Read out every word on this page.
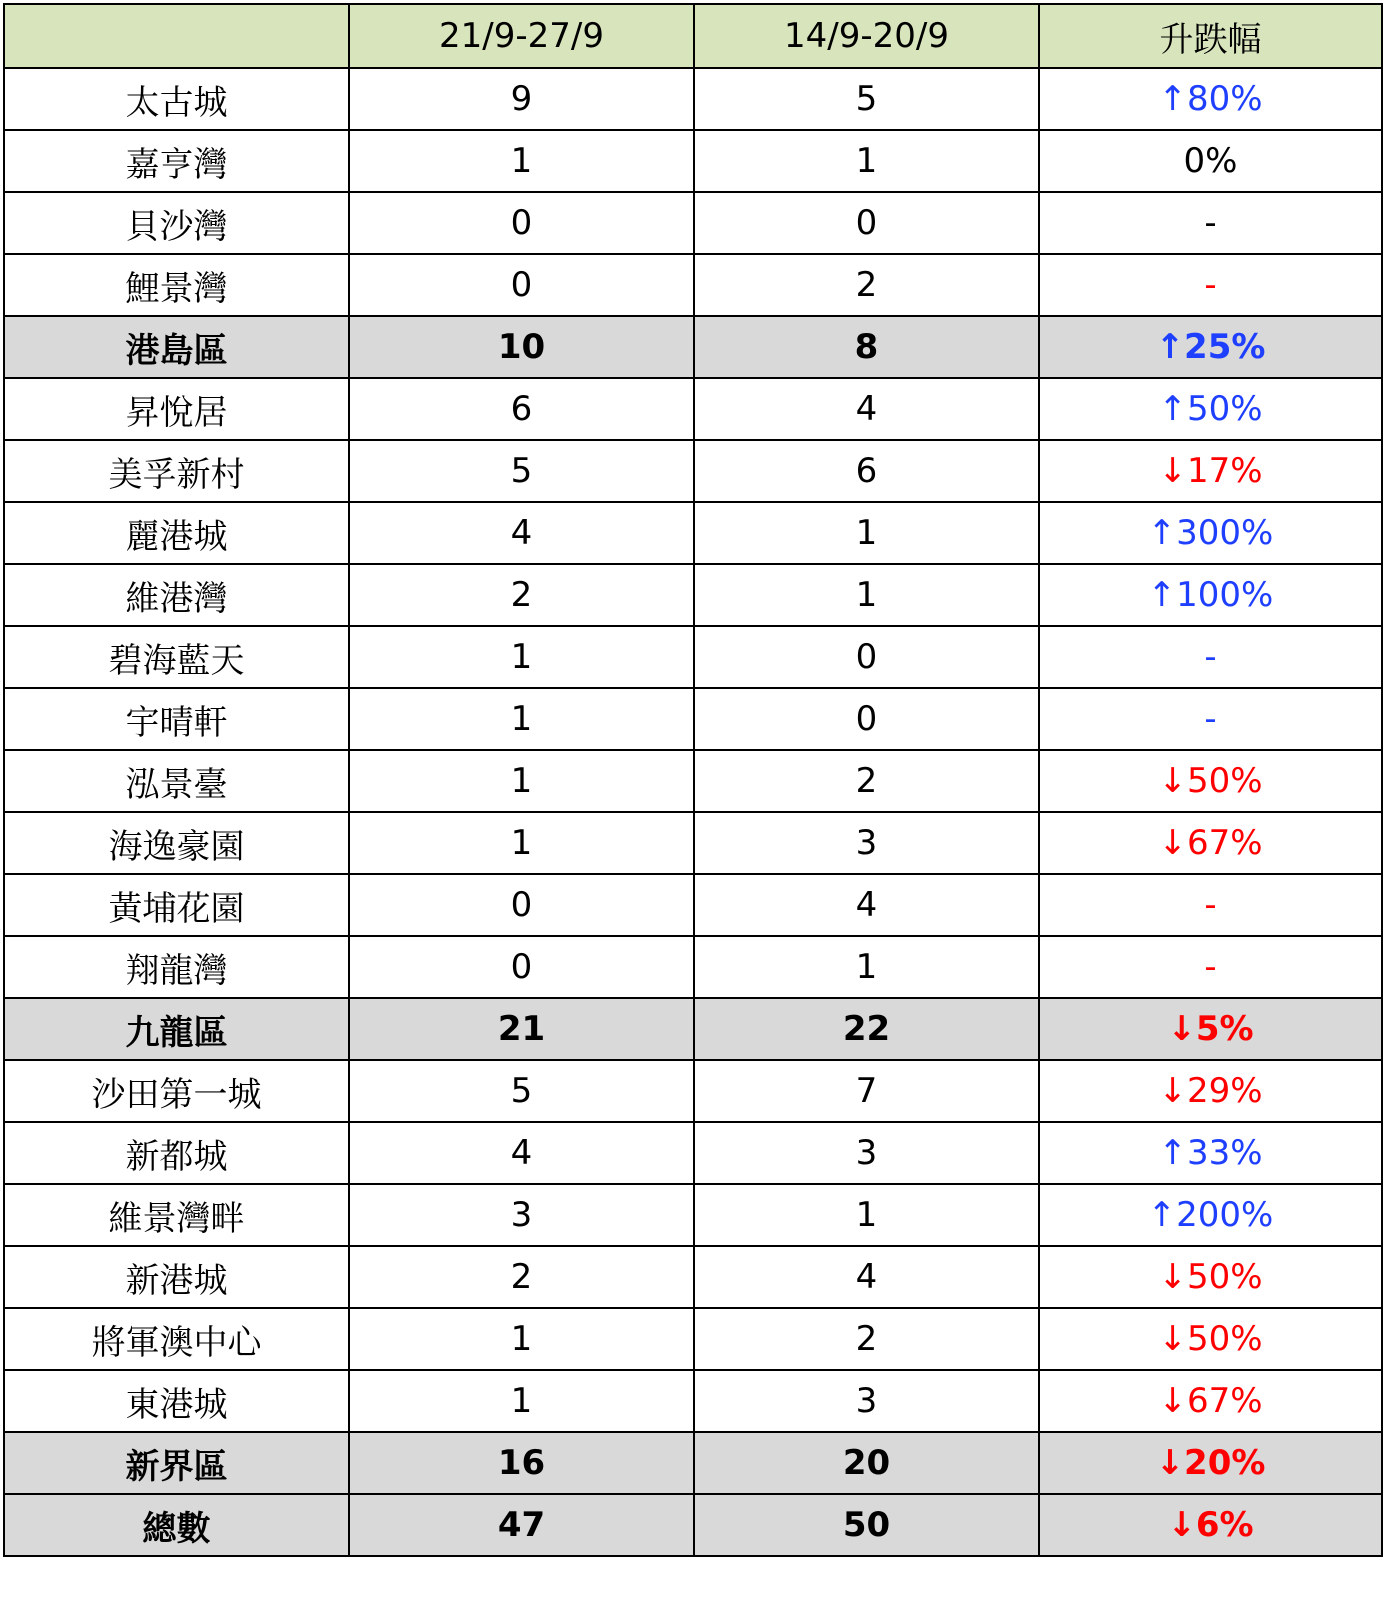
	21/9-27/9	14/9-20/9	升跌幅
太古城	9	5	↑80%
嘉亨灣	1	1	0%
貝沙灣	0	0	-
鯉景灣	0	2	-
港島區	10	8	↑25%
昇悅居	6	4	↑50%
美孚新村	5	6	↓17%
麗港城	4	1	↑300%
維港灣	2	1	↑100%
碧海藍天	1	0	-
宇晴軒	1	0	-
泓景臺	1	2	↓50%
海逸豪園	1	3	↓67%
黃埔花園	0	4	-
翔龍灣	0	1	-
九龍區	21	22	↓5%
沙田第一城	5	7	↓29%
新都城	4	3	↑33%
維景灣畔	3	1	↑200%
新港城	2	4	↓50%
將軍澳中心	1	2	↓50%
東港城	1	3	↓67%
新界區	16	20	↓20%
總數	47	50	↓6%
